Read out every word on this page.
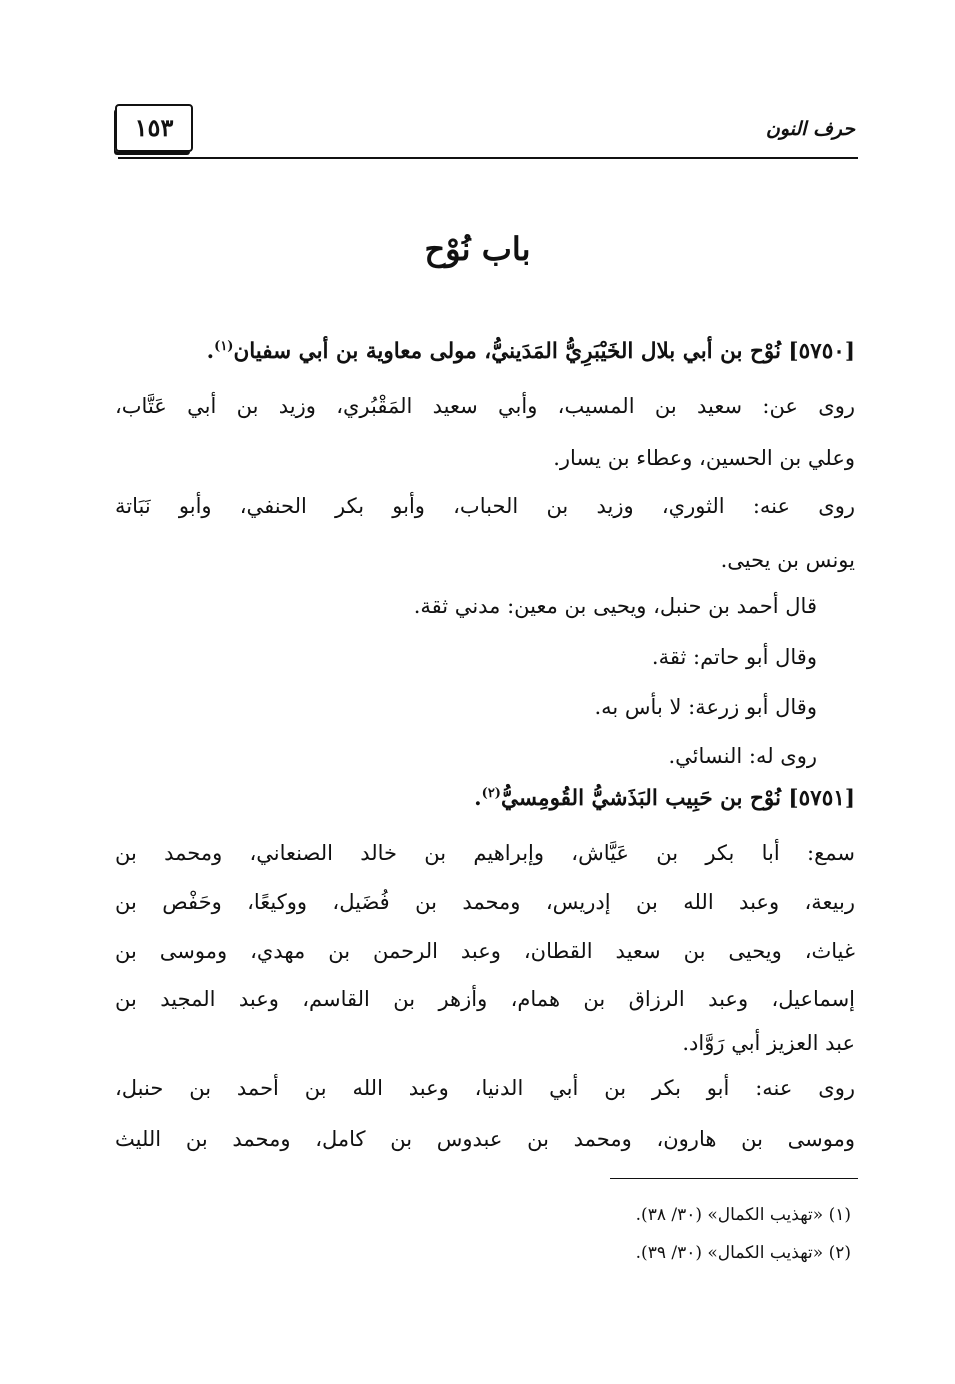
حرف النون
١٥٣
باب نُوْح
[٥٧٥٠] نُوْح بن أبي بلال الخَيْبَرِيُّ المَدَينيُّ، مولى معاوية بن أبي سفيان$^{(١)}$.
روى عن: سعيد بن المسيب، وأبي سعيد المَقْبُري، وزيد بن أبي عَتَّاب،
وعلي بن الحسين، وعطاء بن يسار.
روى عنه: الثوري، وزيد بن الحباب، وأبو بكر الحنفي، وأبو نَبَاتة
يونس بن يحيى.
قال أحمد بن حنبل، ويحيى بن معين: مدني ثقة.
وقال أبو حاتم: ثقة.
وقال أبو زرعة: لا بأس به.
روى له: النسائي.
[٥٧٥١] نُوْح بن حَبِيب البَذَشيُّ القُومِسيُّ$^{(٢)}$.
سمع: أبا بكر بن عَيَّاش، وإبراهيم بن خالد الصنعاني، ومحمد بن
ربيعة، وعبد الله بن إدريس، ومحمد بن فُضَيل، ووكيعًا، وحَفْص بن
غياث، ويحيى بن سعيد القطان، وعبد الرحمن بن مهدي، وموسى بن
إسماعيل، وعبد الرزاق بن همام، وأزهر بن القاسم، وعبد المجيد بن
عبد العزيز أبي رَوَّاد.
روى عنه: أبو بكر بن أبي الدنيا، وعبد الله بن أحمد بن حنبل،
وموسى بن هارون، ومحمد بن عبدوس بن كامل، ومحمد بن الليث
(١) «تهذيب الكمال» (٣٠/ ٣٨).
(٢) «تهذيب الكمال» (٣٠/ ٣٩).
